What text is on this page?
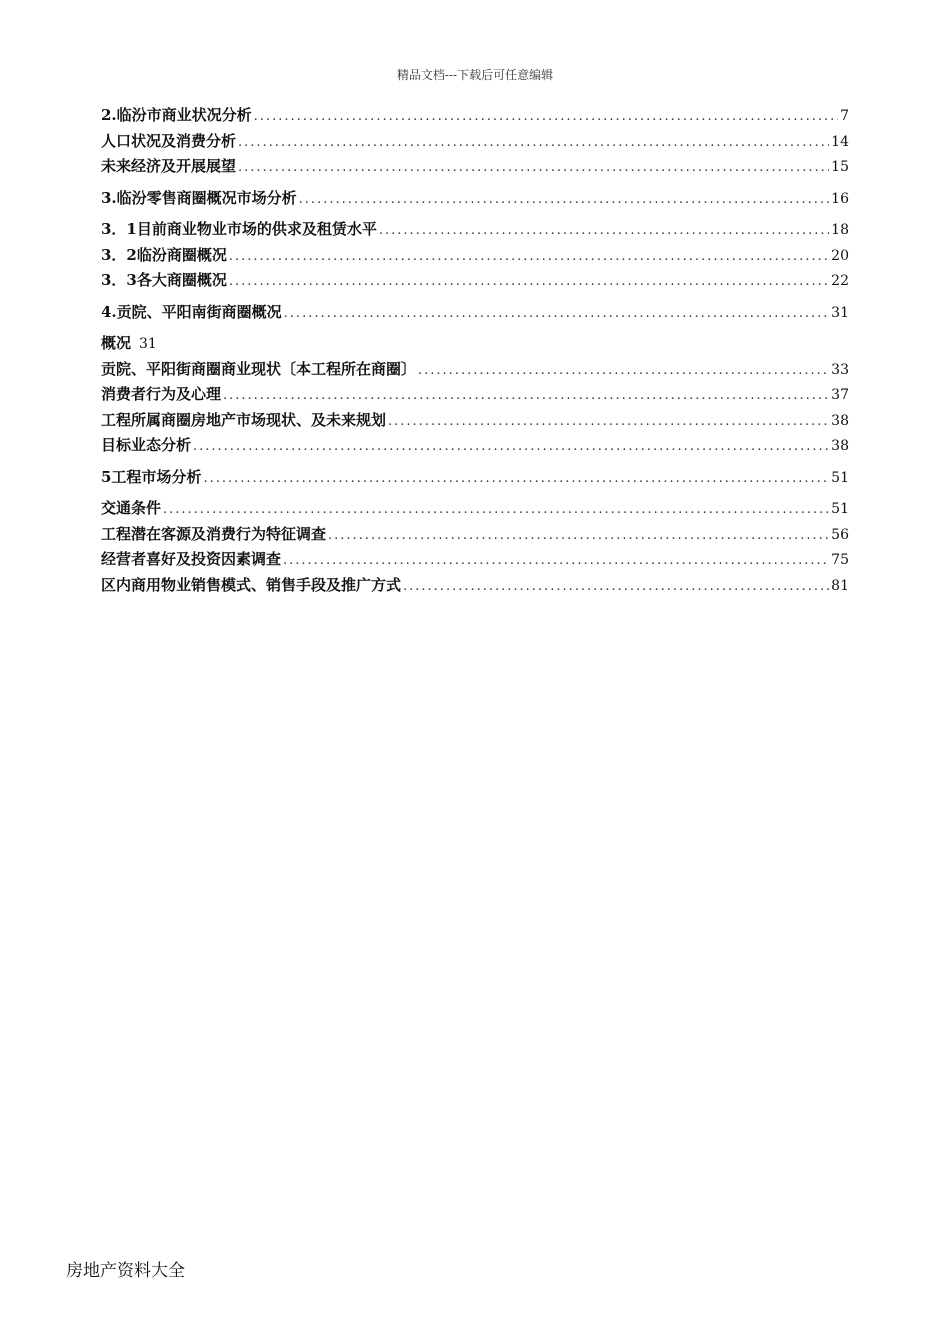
精品文档---下载后可任意编辑
2.临汾市商业状况分析 .....	7
人口状况及消费分析 .....	14
未来经济及开展展望 .....	15
3.临汾零售商圈概况市场分析 .....	16
3．1目前商业物业市场的供求及租赁水平 .....	18
3．2临汾商圈概况 .....	20
3．3各大商圈概况 .....	22
4.贡院、平阳南街商圈概况 .....	31
概况 31
贡院、平阳街商圈商业现状〔本工程所在商圈〕 .....	33
消费者行为及心理 .....	37
工程所属商圈房地产市场现状、及未来规划 .....	38
目标业态分析 .....	38
5工程市场分析 .....	51
交通条件 .....	51
工程潜在客源及消费行为特征调查 .....	56
经营者喜好及投资因素调查 .....	75
区内商用物业销售模式、销售手段及推广方式 .....	81
房地产资料大全
